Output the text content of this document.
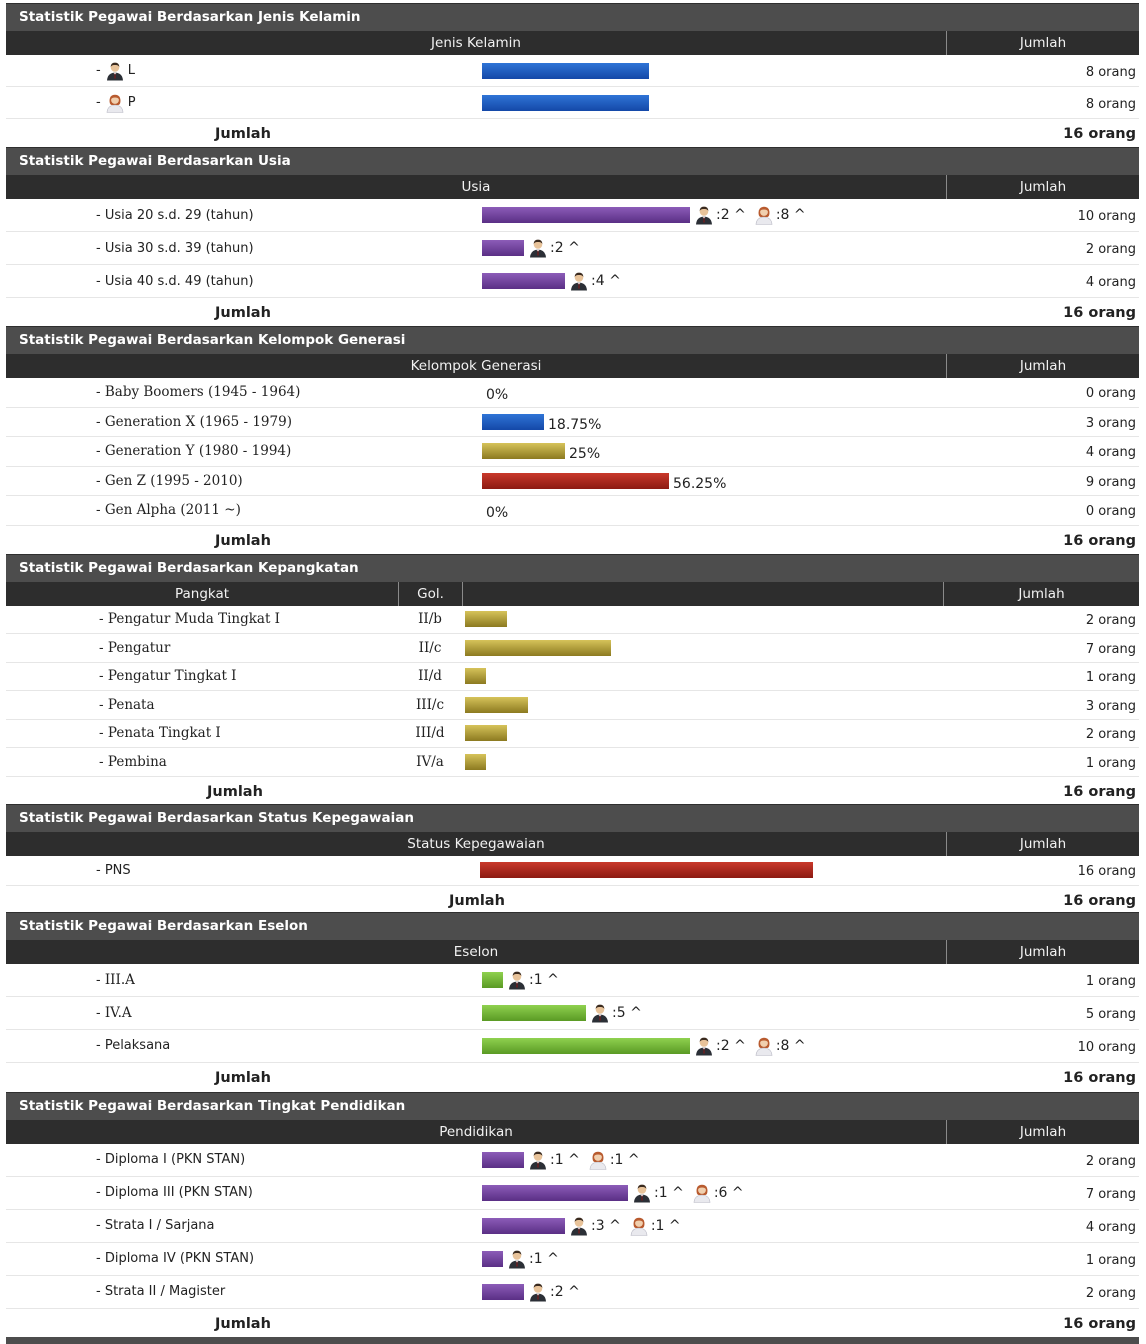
Statistik Pegawai Berdasarkan Jenis Kelamin
Jenis Kelamin	Jumlah
- L	8 orang
- P	8 orang
Jumlah	16 orang
Statistik Pegawai Berdasarkan Usia
Usia	Jumlah
- Usia 20 s.d. 29 (tahun)	:2 ^ :8 ^	10 orang
- Usia 30 s.d. 39 (tahun)	:2 ^	2 orang
- Usia 40 s.d. 49 (tahun)	:4 ^	4 orang
Jumlah	16 orang
Statistik Pegawai Berdasarkan Kelompok Generasi
Kelompok Generasi	Jumlah
- Baby Boomers (1945 - 1964)	0%	0 orang
- Generation X (1965 - 1979)	18.75%	3 orang
- Generation Y (1980 - 1994)	25%	4 orang
- Gen Z (1995 - 2010)	56.25%	9 orang
- Gen Alpha (2011 ~)	0%	0 orang
Jumlah	16 orang
Statistik Pegawai Berdasarkan Kepangkatan
Pangkat	Gol.	Jumlah
- Pengatur Muda Tingkat I	II/b	2 orang
- Pengatur	II/c	7 orang
- Pengatur Tingkat I	II/d	1 orang
- Penata	III/c	3 orang
- Penata Tingkat I	III/d	2 orang
- Pembina	IV/a	1 orang
Jumlah	16 orang
Statistik Pegawai Berdasarkan Status Kepegawaian
Status Kepegawaian	Jumlah
- PNS	16 orang
Jumlah	16 orang
Statistik Pegawai Berdasarkan Eselon
Eselon	Jumlah
- III.A	:1 ^	1 orang
- IV.A	:5 ^	5 orang
- Pelaksana	:2 ^ :8 ^	10 orang
Jumlah	16 orang
Statistik Pegawai Berdasarkan Tingkat Pendidikan
Pendidikan	Jumlah
- Diploma I (PKN STAN)	:1 ^ :1 ^	2 orang
- Diploma III (PKN STAN)	:1 ^ :6 ^	7 orang
- Strata I / Sarjana	:3 ^ :1 ^	4 orang
- Diploma IV (PKN STAN)	:1 ^	1 orang
- Strata II / Magister	:2 ^	2 orang
Jumlah	16 orang
